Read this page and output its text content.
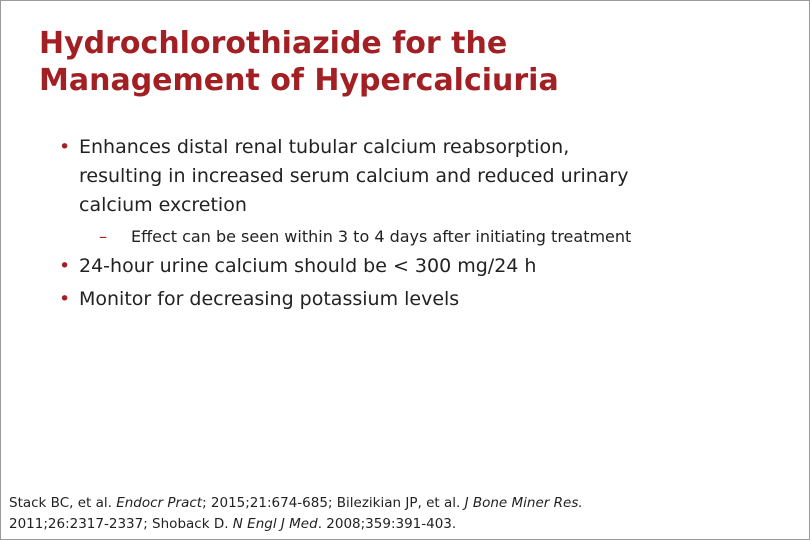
Hydrochlorothiazide for the
Management of Hypercalciuria
• Enhances distal renal tubular calcium reabsorption,
resulting in increased serum calcium and reduced urinary
calcium excretion
– Effect can be seen within 3 to 4 days after initiating treatment
• 24-hour urine calcium should be < 300 mg/24 h
• Monitor for decreasing potassium levels
Stack BC, et al. Endocr Pract; 2015;21:674-685; Bilezikian JP, et al. J Bone Miner Res.
2011;26:2317-2337; Shoback D. N Engl J Med. 2008;359:391-403.
